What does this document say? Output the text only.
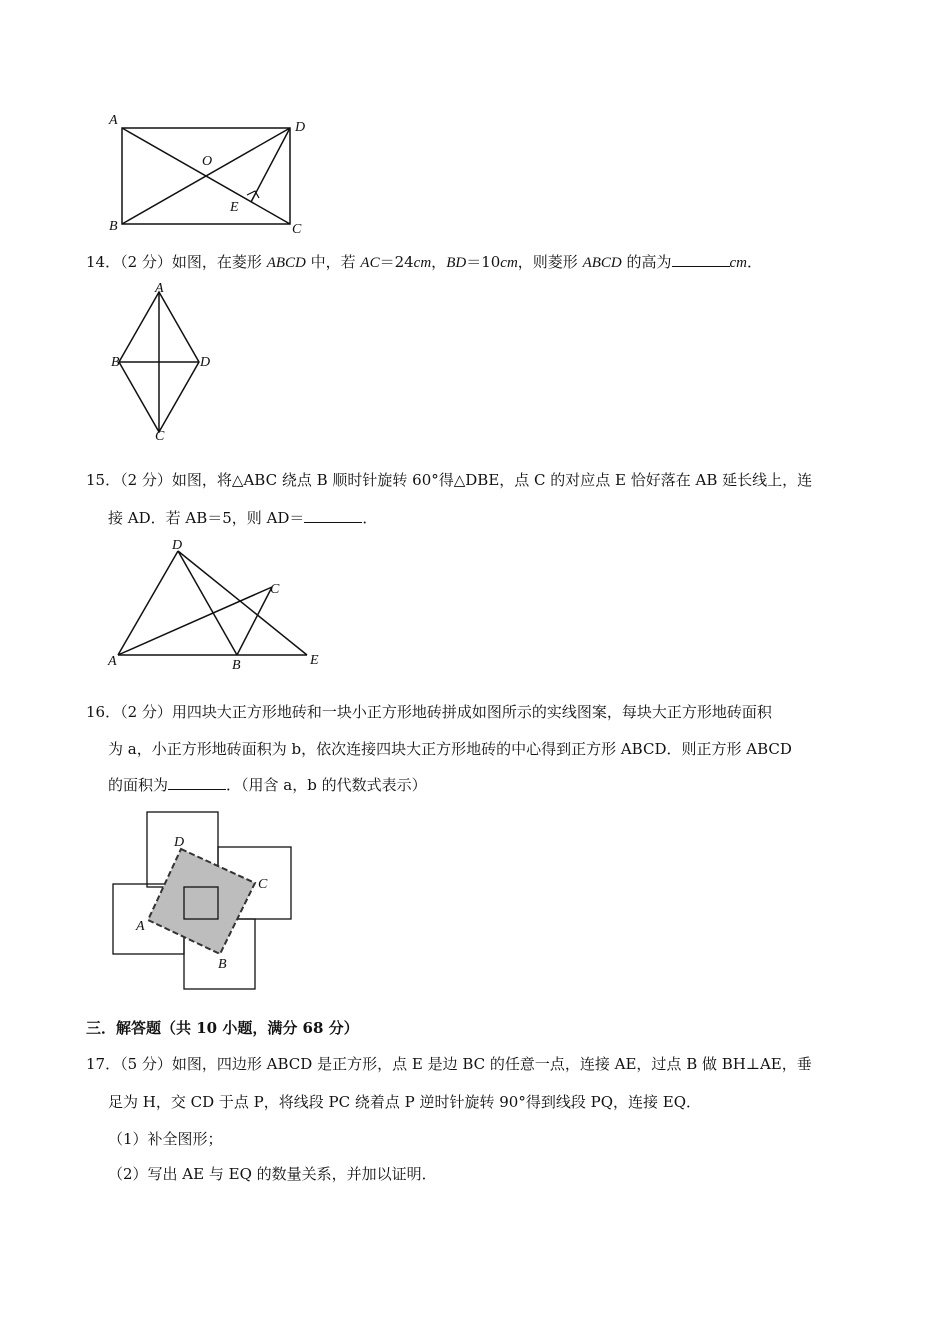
A	D
O
E
B	C
14．（2 分）如图，在菱形 ABCD 中，若 AC＝24cm，BD＝10cm，则菱形 ABCD 的高为	cm．
A
B	D
C
15．（2 分）如图，将△ABC 绕点 B 顺时针旋转 60°得△DBE，点 C 的对应点 E 恰好落在 AB 延长线上，连
接 AD．若 AB＝5，则 AD＝	．
D
C
A	B	E
16．（2 分）用四块大正方形地砖和一块小正方形地砖拼成如图所示的实线图案，每块大正方形地砖面积
为 a，小正方形地砖面积为 b，依次连接四块大正方形地砖的中心得到正方形 ABCD．则正方形 ABCD
的面积为	．（用含 a，b 的代数式表示）
D
C
A
B
三．解答题（共 10 小题，满分 68 分）
17．（5 分）如图，四边形 ABCD 是正方形，点 E 是边 BC 的任意一点，连接 AE，过点 B 做 BH⊥AE，垂
足为 H，交 CD 于点 P，将线段 PC 绕着点 P 逆时针旋转 90°得到线段 PQ，连接 EQ．
（1）补全图形；
（2）写出 AE 与 EQ 的数量关系，并加以证明．
